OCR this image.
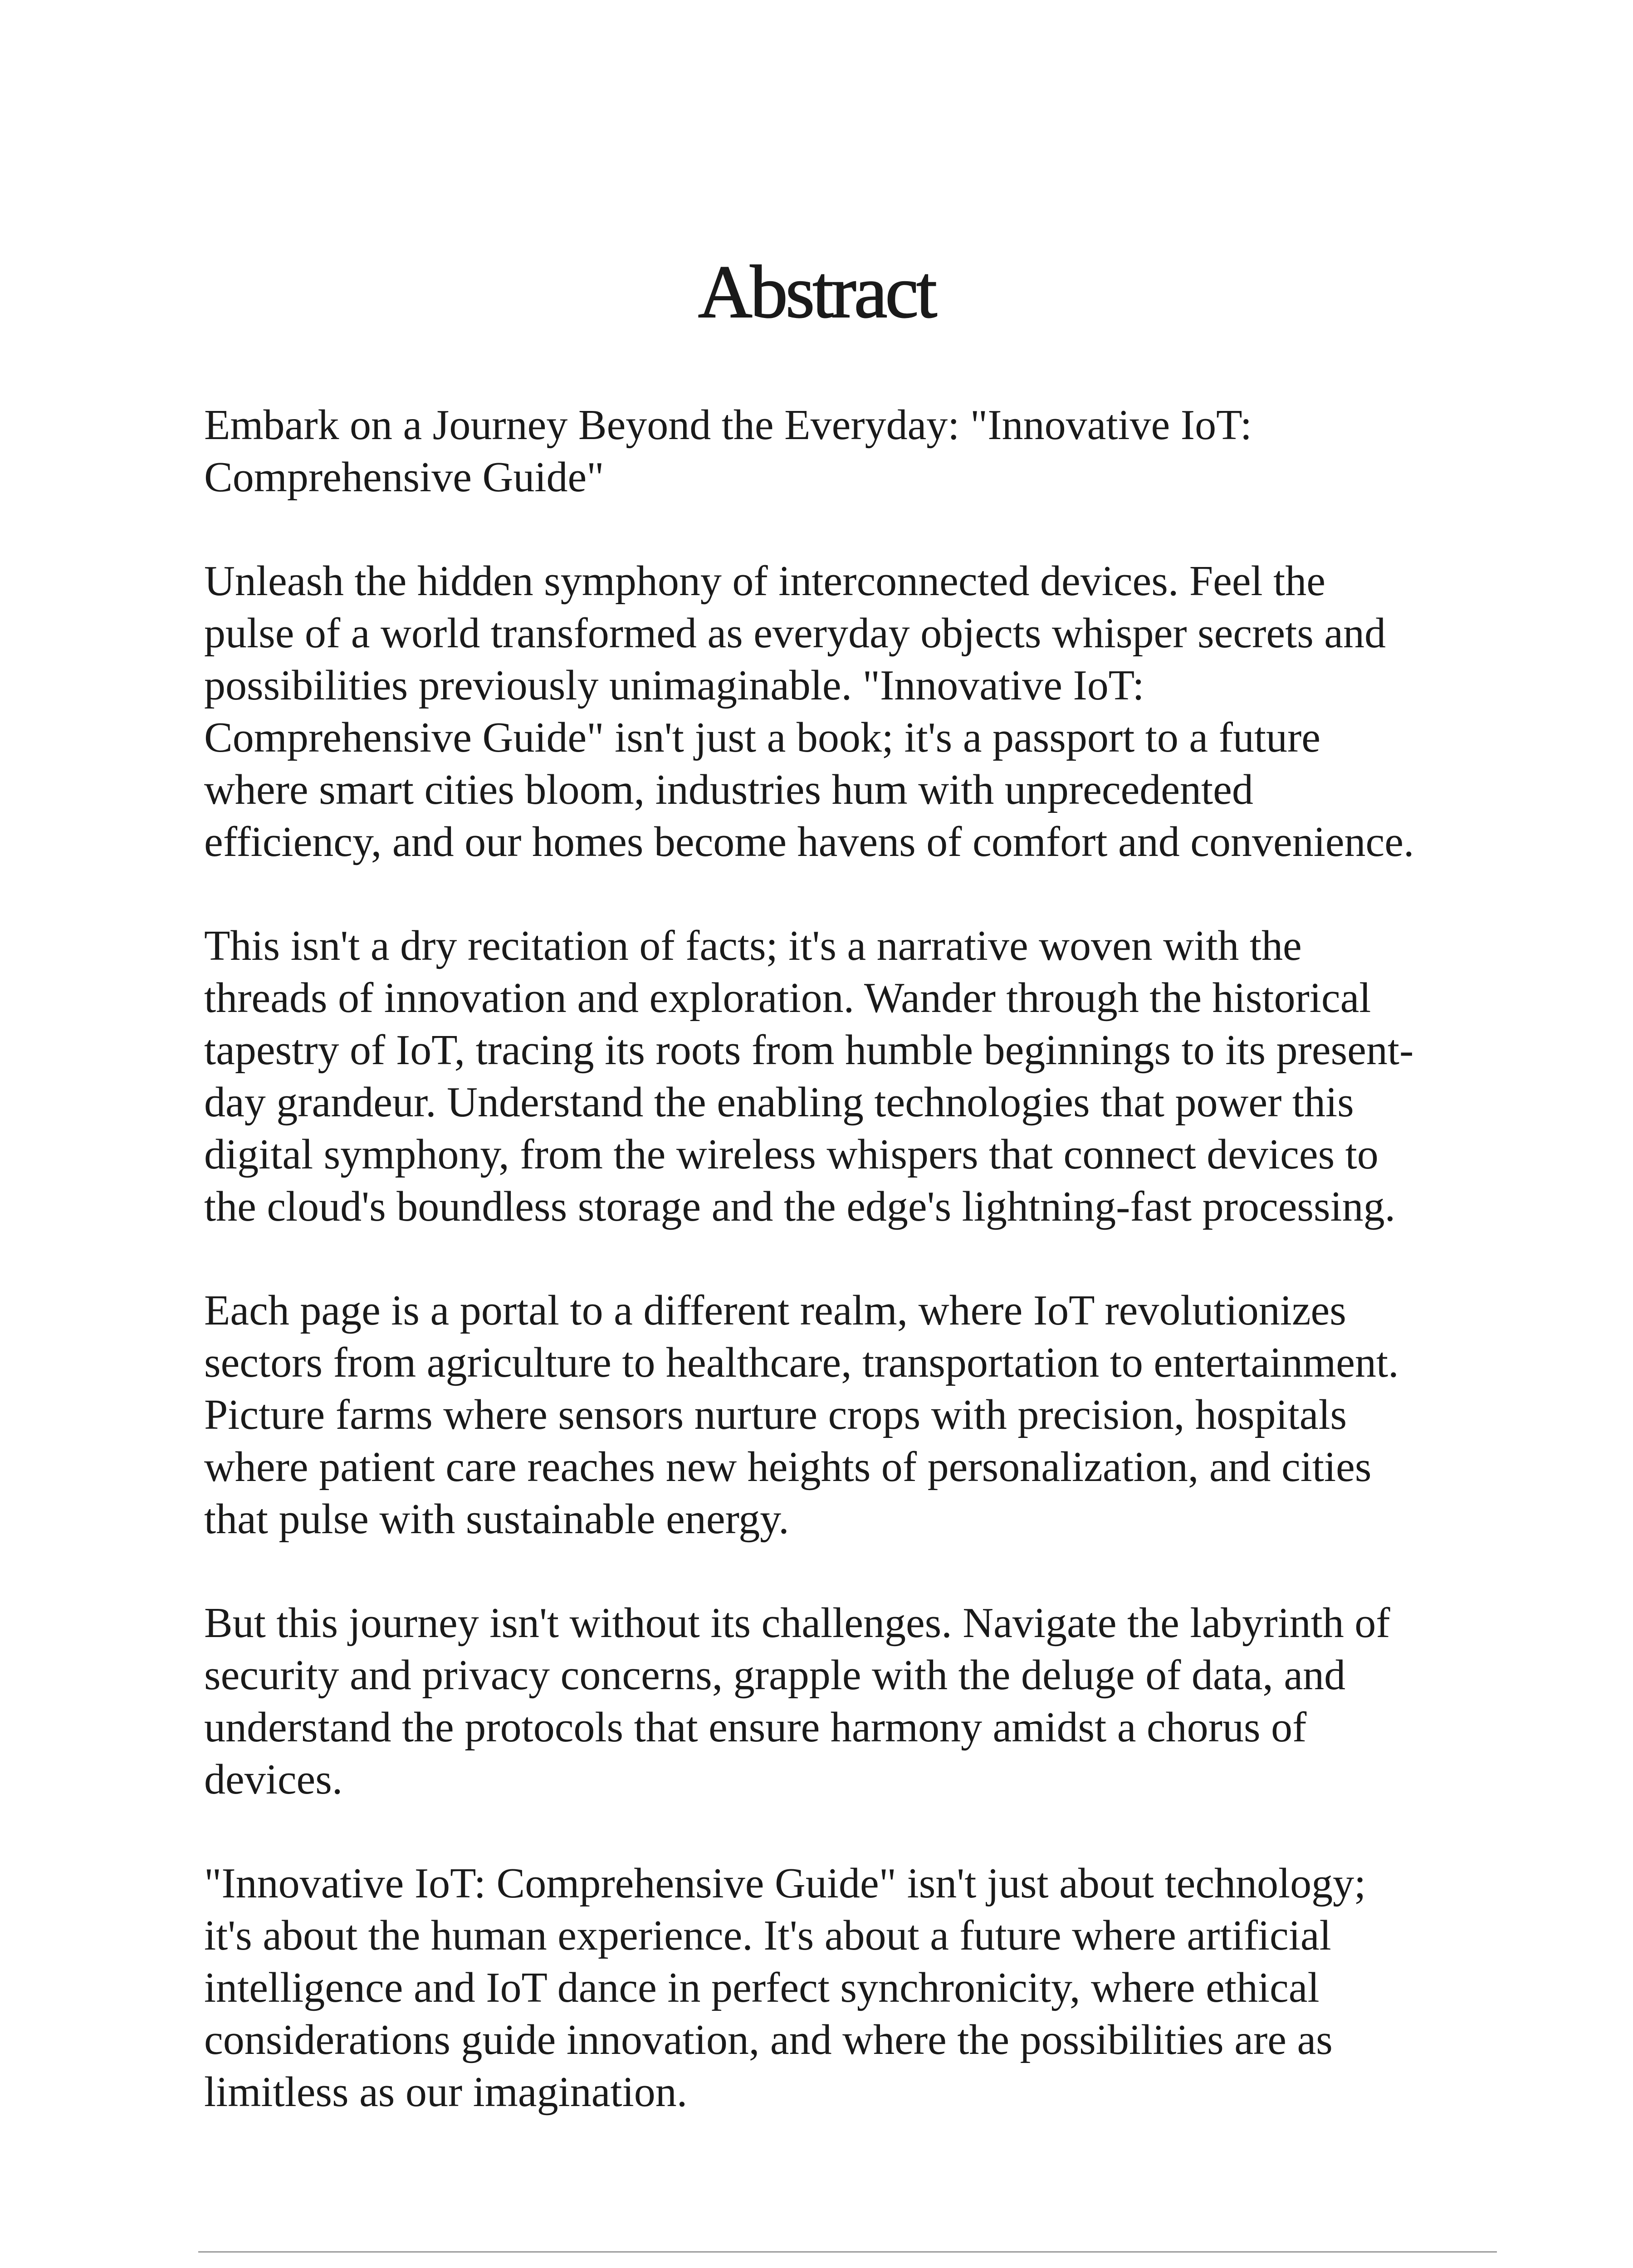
Abstract

Embark on a Journey Beyond the Everyday: "Innovative IoT:
Comprehensive Guide"

Unleash the hidden symphony of interconnected devices. Feel the
pulse of a world transformed as everyday objects whisper secrets and
possibilities previously unimaginable. "Innovative IoT:
Comprehensive Guide" isn't just a book; it's a passport to a future
where smart cities bloom, industries hum with unprecedented
efficiency, and our homes become havens of comfort and convenience.

This isn't a dry recitation of facts; it's a narrative woven with the
threads of innovation and exploration. Wander through the historical
tapestry of IoT, tracing its roots from humble beginnings to its present-
day grandeur. Understand the enabling technologies that power this
digital symphony, from the wireless whispers that connect devices to
the cloud's boundless storage and the edge's lightning-fast processing.

Each page is a portal to a different realm, where IoT revolutionizes
sectors from agriculture to healthcare, transportation to entertainment.
Picture farms where sensors nurture crops with precision, hospitals
where patient care reaches new heights of personalization, and cities
that pulse with sustainable energy.

But this journey isn't without its challenges. Navigate the labyrinth of
security and privacy concerns, grapple with the deluge of data, and
understand the protocols that ensure harmony amidst a chorus of
devices.

"Innovative IoT: Comprehensive Guide" isn't just about technology;
it's about the human experience. It's about a future where artificial
intelligence and IoT dance in perfect synchronicity, where ethical
considerations guide innovation, and where the possibilities are as
limitless as our imagination.
